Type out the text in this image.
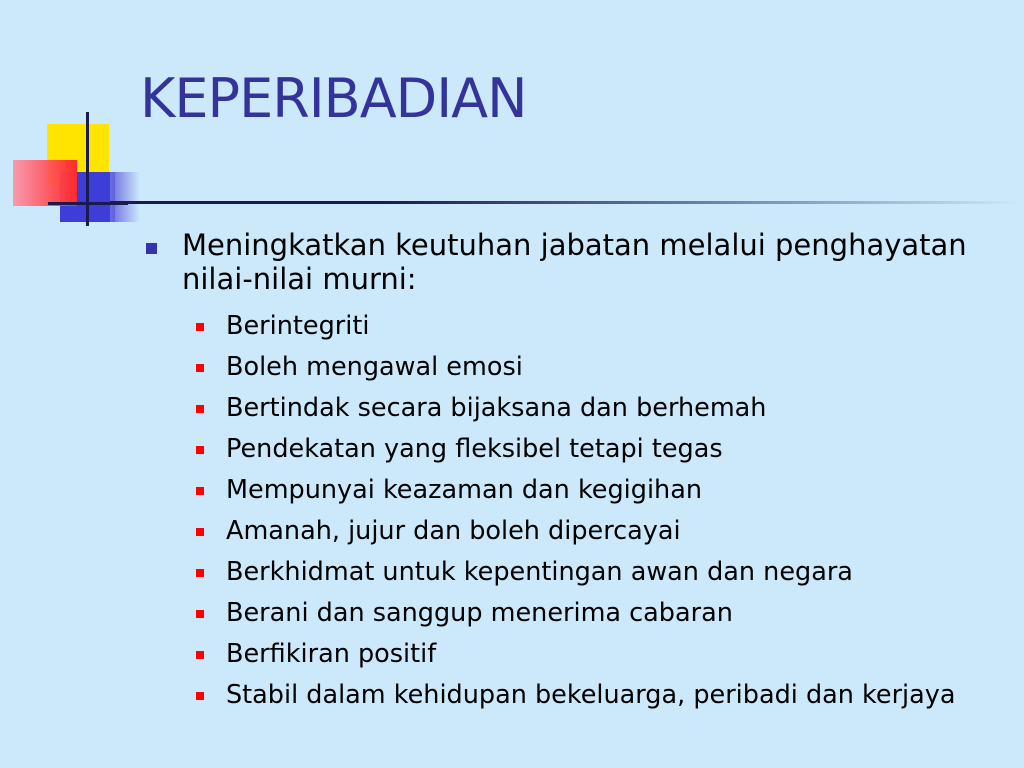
KEPERIBADIAN
Meningkatkan keutuhan jabatan melalui penghayatan nilai-nilai murni:
Berintegriti
Boleh mengawal emosi
Bertindak secara bijaksana dan berhemah
Pendekatan yang fleksibel tetapi tegas
Mempunyai keazaman dan kegigihan
Amanah, jujur dan boleh dipercayai
Berkhidmat untuk kepentingan awan dan negara
Berani dan sanggup menerima cabaran
Berfikiran positif
Stabil dalam kehidupan bekeluarga, peribadi dan kerjaya
